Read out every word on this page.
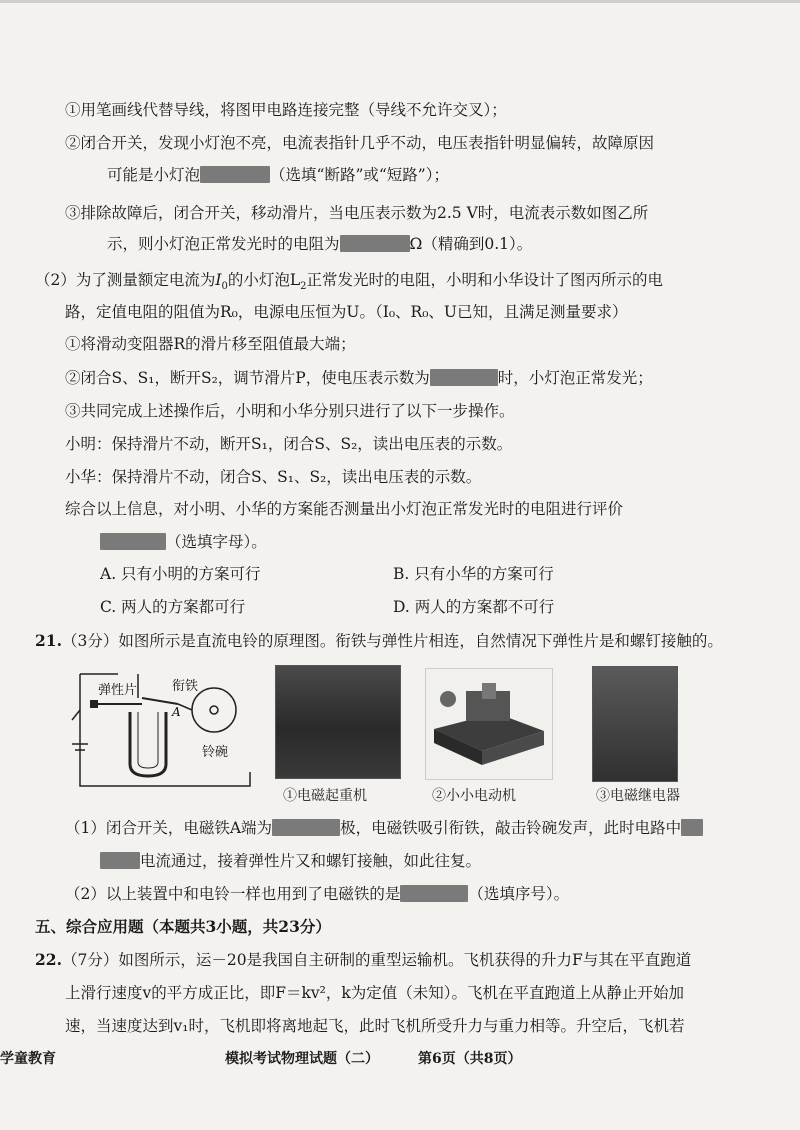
①用笔画线代替导线，将图甲电路连接完整（导线不允许交叉）；
②闭合开关，发现小灯泡不亮，电流表指针几乎不动，电压表指针明显偏转，故障原因
可能是小灯泡	（选填“断路”或“短路”）；
③排除故障后，闭合开关，移动滑片，当电压表示数为2.5 V时，电流表示数如图乙所
示，则小灯泡正常发光时的电阻为	Ω（精确到0.1）。
（2）为了测量额定电流为$I_0$的小灯泡$L_2$正常发光时的电阻，小明和小华设计了图丙所示的电
路，定值电阻的阻值为R₀，电源电压恒为U。（I₀、R₀、U已知，且满足测量要求）
①将滑动变阻器R的滑片移至阻值最大端；
②闭合S、S₁，断开S₂，调节滑片P，使电压表示数为	时，小灯泡正常发光；
③共同完成上述操作后，小明和小华分别只进行了以下一步操作。
小明：保持滑片不动，断开S₁，闭合S、S₂，读出电压表的示数。
小华：保持滑片不动，闭合S、S₁、S₂，读出电压表的示数。
综合以上信息，对小明、小华的方案能否测量出小灯泡正常发光时的电阻进行评价
（选填字母）。
A. 只有小明的方案可行	B. 只有小华的方案可行
C. 两人的方案都可行	D. 两人的方案都不可行
21.（3分）如图所示是直流电铃的原理图。衔铁与弹性片相连，自然情况下弹性片是和螺钉接触的。
弹性片	衔铁
A
铃碗
①电磁起重机	②小小电动机	③电磁继电器
（1）闭合开关，电磁铁A端为	极，电磁铁吸引衔铁，敲击铃碗发声，此时电路中
电流通过，接着弹性片又和螺钉接触，如此往复。
（2）以上装置中和电铃一样也用到了电磁铁的是	（选填序号）。
五、综合应用题（本题共3小题，共23分）
22.（7分）如图所示，运－20是我国自主研制的重型运输机。飞机获得的升力F与其在平直跑道
上滑行速度v的平方成正比，即F＝kv²，k为定值（未知）。飞机在平直跑道上从静止开始加
速，当速度达到v₁时，飞机即将离地起飞，此时飞机所受升力与重力相等。升空后，飞机若
学童教育	模拟考试物理试题（二）	第6页（共8页）
